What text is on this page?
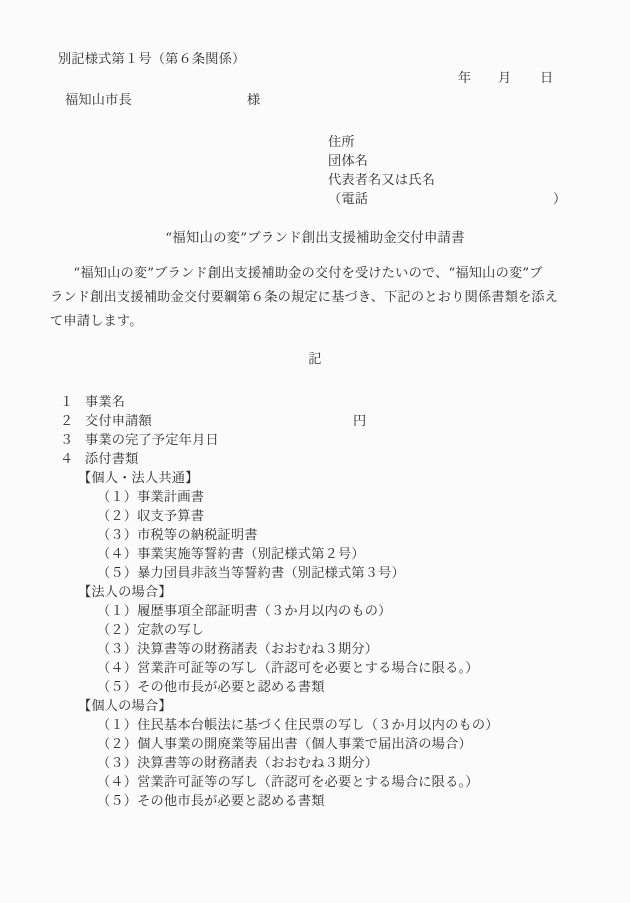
別記様式第１号（第６条関係）
年 月 日
福知山市長	様
住所
団体名
代表者名又は氏名
（電話	）
“福知山の変”ブランド創出支援補助金交付申請書
　“福知山の変”ブランド創出支援補助金の交付を受けたいので、“福知山の変”ブ
ランド創出支援補助金交付要綱第６条の規定に基づき、下記のとおり関係書類を添え
て申請します。
記
１ 事業名
２ 交付申請額	円
３ 事業の完了予定年月日
４ 添付書類
【個人・法人共通】
（１）事業計画書
（２）収支予算書
（３）市税等の納税証明書
（４）事業実施等誓約書（別記様式第２号）
（５）暴力団員非該当等誓約書（別記様式第３号）
【法人の場合】
（１）履歴事項全部証明書（３か月以内のもの）
（２）定款の写し
（３）決算書等の財務諸表（おおむね３期分）
（４）営業許可証等の写し（許認可を必要とする場合に限る。）
（５）その他市長が必要と認める書類
【個人の場合】
（１）住民基本台帳法に基づく住民票の写し（３か月以内のもの）
（２）個人事業の開廃業等届出書（個人事業で届出済の場合）
（３）決算書等の財務諸表（おおむね３期分）
（４）営業許可証等の写し（許認可を必要とする場合に限る。）
（５）その他市長が必要と認める書類
